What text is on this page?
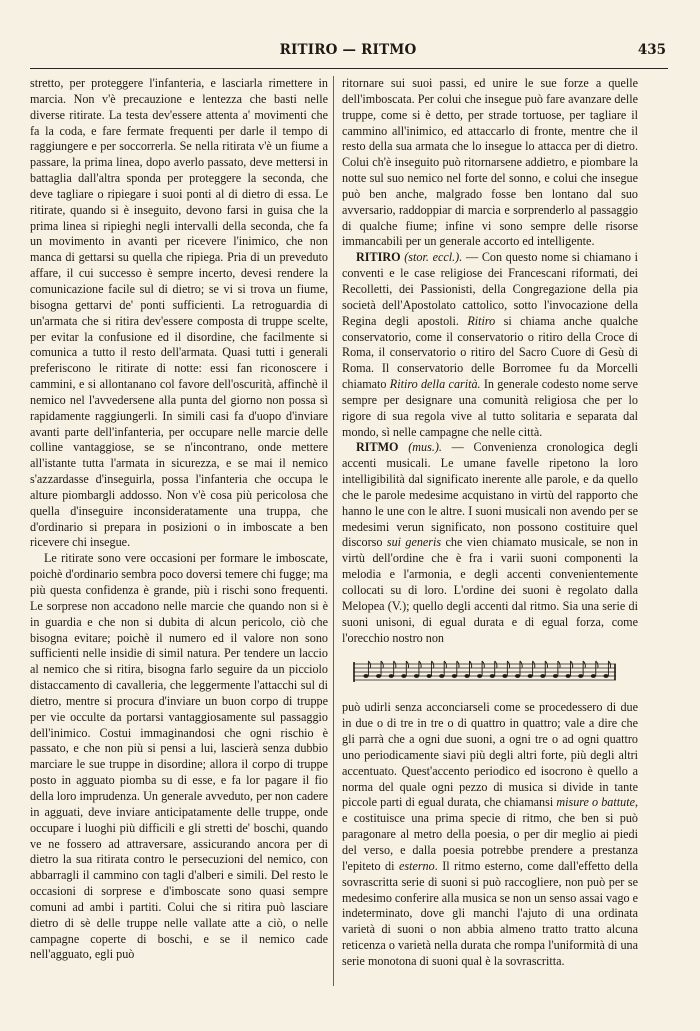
RITIRO — RITMO	435

stretto, per proteggere l'infanteria, e lasciarla rimettere in marcia. Non v'è precauzione e lentezza che basti nelle diverse ritirate. La testa dev'essere attenta a' movimenti che fa la coda, e fare fermate frequenti per darle il tempo di raggiungere e per soccorrerla. Se nella ritirata v'è un fiume a passare, la prima linea, dopo averlo passato, deve mettersi in battaglia dall'altra sponda per proteggere la seconda, che deve tagliare o ripiegare i suoi ponti al di dietro di essa. Le ritirate, quando si è inseguito, devono farsi in guisa che la prima linea si ripieghi negli intervalli della seconda, che fa un movimento in avanti per ricevere l'inimico, che non manca di gettarsi su quella che ripiega. Pria di un preveduto affare, il cui successo è sempre incerto, devesi rendere la comunicazione facile sul di dietro; se vi si trova un fiume, bisogna gettarvi de' ponti sufficienti. La retroguardia di un'armata che si ritira dev'essere composta di truppe scelte, per evitar la confusione ed il disordine, che facilmente si comunica a tutto il resto dell'armata. Quasi tutti i generali preferiscono le ritirate di notte: essi fan riconoscere i cammini, e si allontanano col favore dell'oscurità, affinchè il nemico nel l'avvedersene alla punta del giorno non possa sì rapidamente raggiungerli. In simili casi fa d'uopo d'inviare avanti parte dell'infanteria, per occupare nelle marcie delle colline vantaggiose, se se n'incontrano, onde mettere all'istante tutta l'armata in sicurezza, e se mai il nemico s'azzardasse d'inseguirla, possa l'infanteria che occupa le alture piombargli addosso. Non v'è cosa più pericolosa che quella d'inseguire inconsideratamente una truppa, che d'ordinario si prepara in posizioni o in imboscate a ben ricevere chi insegue.

Le ritirate sono vere occasioni per formare le imboscate, poichè d'ordinario sembra poco doversi temere chi fugge; ma più questa confidenza è grande, più i rischi sono frequenti. Le sorprese non accadono nelle marcie che quando non si è in guardia e che non si dubita di alcun pericolo, ciò che bisogna evitare; poichè il numero ed il valore non sono sufficienti nelle insidie di simil natura. Per tendere un laccio al nemico che si ritira, bisogna farlo seguire da un picciolo distaccamento di cavalleria, che leggermente l'attacchi sul di dietro, mentre si procura d'inviare un buon corpo di truppe per vie occulte da portarsi vantaggiosamente sul passaggio dell'inimico. Costui immaginandosi che ogni rischio è passato, e che non più si pensi a lui, lascierà senza dubbio marciare le sue truppe in disordine; allora il corpo di truppe posto in agguato piomba su di esse, e fa lor pagare il fio della loro imprudenza. Un generale avveduto, per non cadere in agguati, deve inviare anticipatamente delle truppe, onde occupare i luoghi più difficili e gli stretti de' boschi, quando ve ne fossero ad attraversare, assicurando ancora per di dietro la sua ritirata contro le persecuzioni del nemico, con abbarragli il cammino con tagli d'alberi e simili. Del resto le occasioni di sorprese e d'imboscate sono quasi sempre comuni ad ambi i partiti. Colui che si ritira può lasciare dietro di sè delle truppe nelle vallate atte a ciò, o nelle campagne coperte di boschi, e se il nemico cade nell'agguato, egli può

ritornare sui suoi passi, ed unire le sue forze a quelle dell'imboscata. Per colui che insegue può fare avanzare delle truppe, come si è detto, per strade tortuose, per tagliare il cammino all'inimico, ed attaccarlo di fronte, mentre che il resto della sua armata che lo insegue lo attacca per di dietro. Colui ch'è inseguito può ritornarsene addietro, e piombare la notte sul suo nemico nel forte del sonno, e colui che insegue può ben anche, malgrado fosse ben lontano dal suo avversario, raddoppiar di marcia e sorprenderlo al passaggio di qualche fiume; infine vi sono sempre delle risorse immancabili per un generale accorto ed intelligente.

RITIRO (stor. eccl.). — Con questo nome si chiamano i conventi e le case religiose dei Francescani riformati, dei Recolletti, dei Passionisti, della Congregazione della pia società dell'Apostolato cattolico, sotto l'invocazione della Regina degli apostoli. Ritiro si chiama anche qualche conservatorio, come il conservatorio o ritiro della Croce di Roma, il conservatorio o ritiro del Sacro Cuore di Gesù di Roma. Il conservatorio delle Borromee fu da Morcelli chiamato Ritiro della carità. In generale codesto nome serve sempre per designare una comunità religiosa che per lo rigore di sua regola vive al tutto solitaria e separata dal mondo, sì nelle campagne che nelle città.

RITMO (mus.). — Convenienza cronologica degli accenti musicali. Le umane favelle ripetono la loro intelligibilità dal significato inerente alle parole, e da quello che le parole medesime acquistano in virtù del rapporto che hanno le une con le altre. I suoni musicali non avendo per se medesimi verun significato, non possono costituire quel discorso sui generis che vien chiamato musicale, se non in virtù dell'ordine che è fra i varii suoni componenti la melodia e l'armonia, e degli accenti convenientemente collocati su di loro. L'ordine dei suoni è regolato dalla Melopea (V.); quello degli accenti dal ritmo. Sia una serie di suoni unisoni, di egual durata e di egual forza, come l'orecchio nostro non

può udirli senza acconciarseli come se procedessero di due in due o di tre in tre o di quattro in quattro; vale a dire che gli parrà che a ogni due suoni, a ogni tre o ad ogni quattro uno periodicamente siavi più degli altri forte, più degli altri accentuato. Quest'accento periodico ed isocrono è quello a norma del quale ogni pezzo di musica si divide in tante piccole parti di egual durata, che chiamansi misure o battute, e costituisce una prima specie di ritmo, che ben si può paragonare al metro della poesia, o per dir meglio ai piedi del verso, e dalla poesia potrebbe prendere a prestanza l'epiteto di esterno. Il ritmo esterno, come dall'effetto della sovrascritta serie di suoni si può raccogliere, non può per se medesimo conferire alla musica se non un senso assai vago e indeterminato, dove gli manchi l'ajuto di una ordinata varietà di suoni o non abbia almeno tratto tratto alcuna reticenza o varietà nella durata che rompa l'uniformità di una serie monotona di suoni qual è la sovrascritta.
